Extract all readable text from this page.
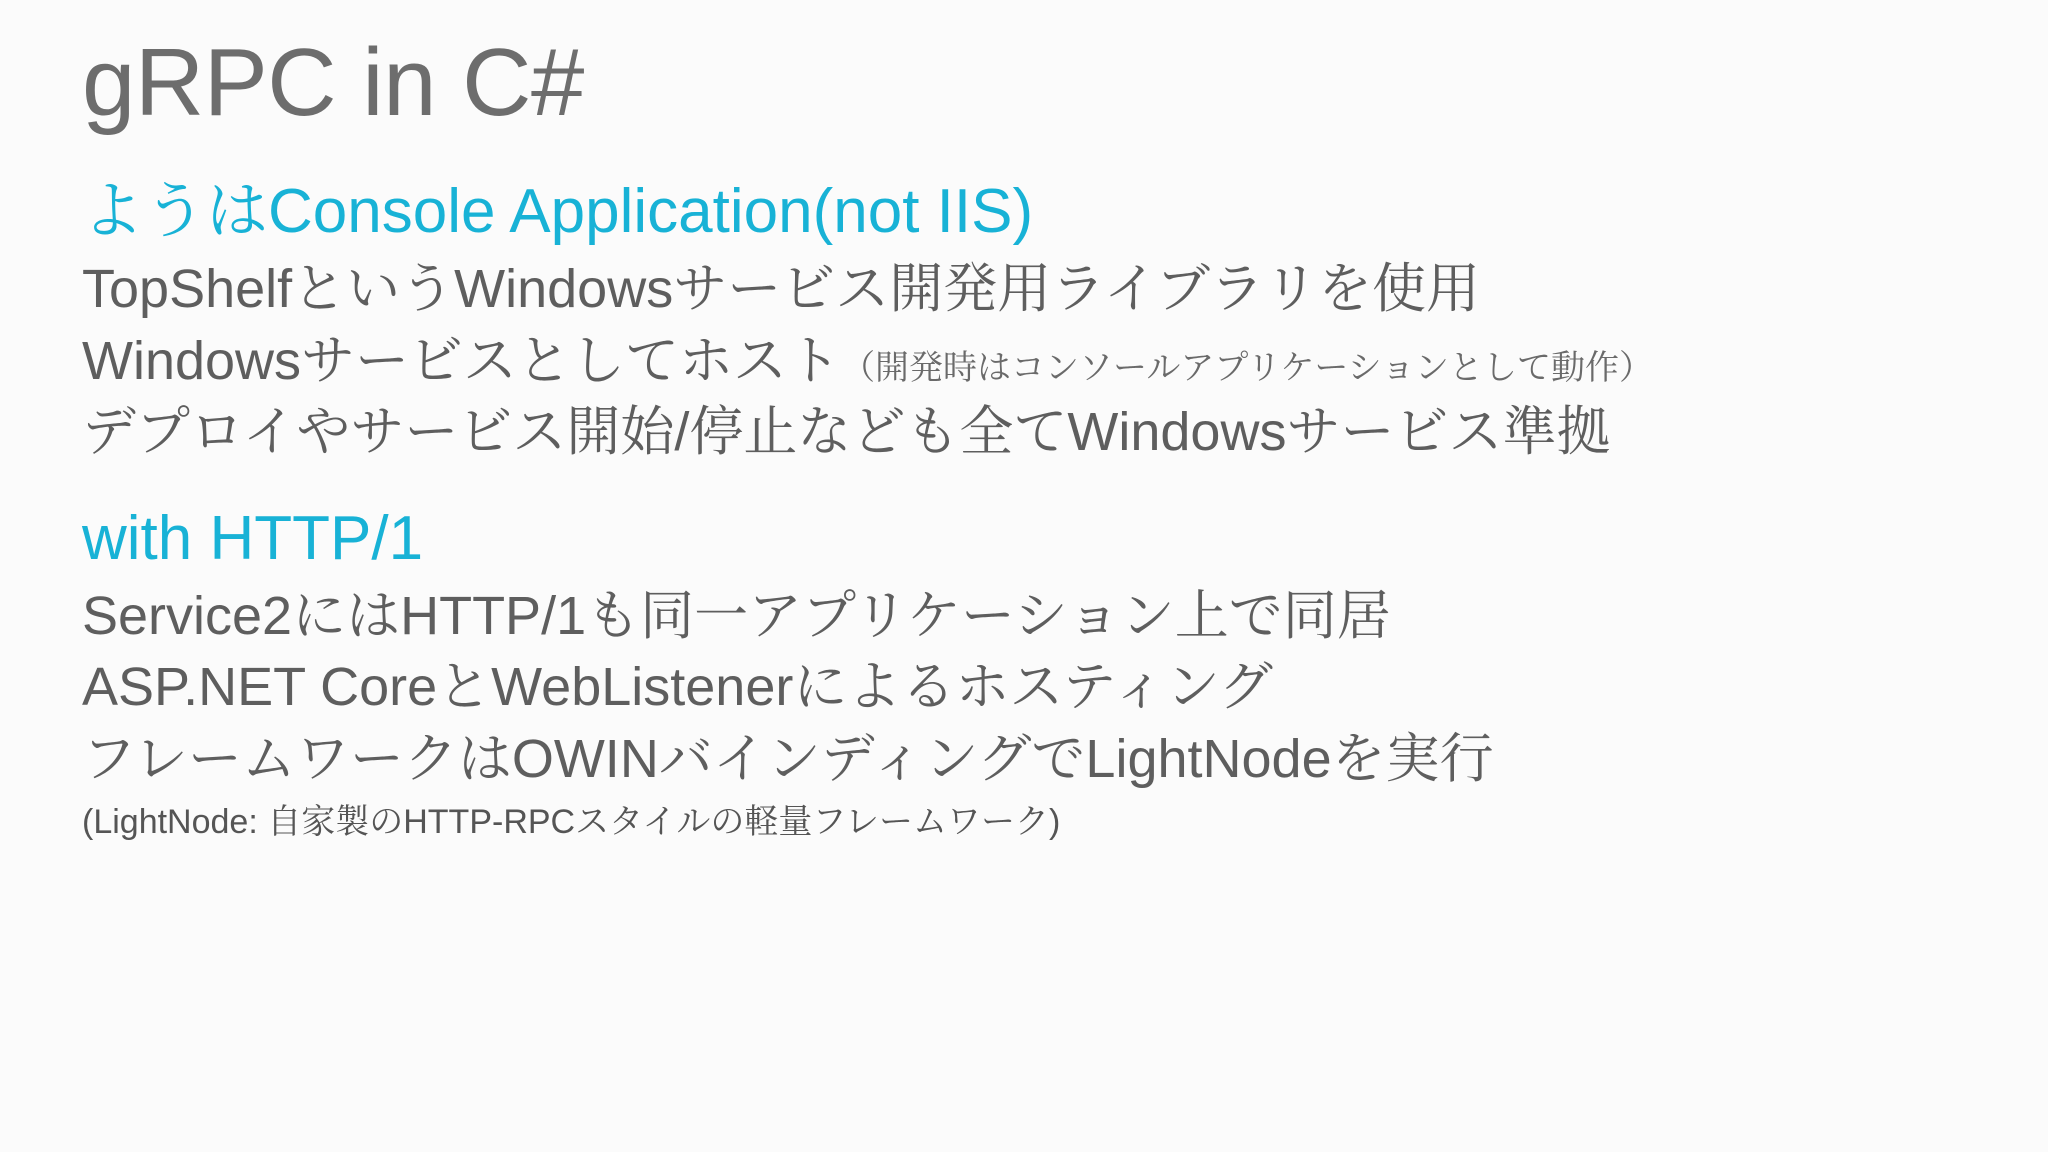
gRPC in C#
ようはConsole Application(not IIS)
TopShelfというWindowsサービス開発用ライブラリを使用
Windowsサービスとしてホスト（開発時はコンソールアプリケーションとして動作）
デプロイやサービス開始/停止なども全てWindowsサービス準拠
with HTTP/1
Service2にはHTTP/1も同一アプリケーション上で同居
ASP.NET CoreとWebListenerによるホスティング
フレームワークはOWINバインディングでLightNodeを実行
(LightNode: 自家製のHTTP-RPCスタイルの軽量フレームワーク)
